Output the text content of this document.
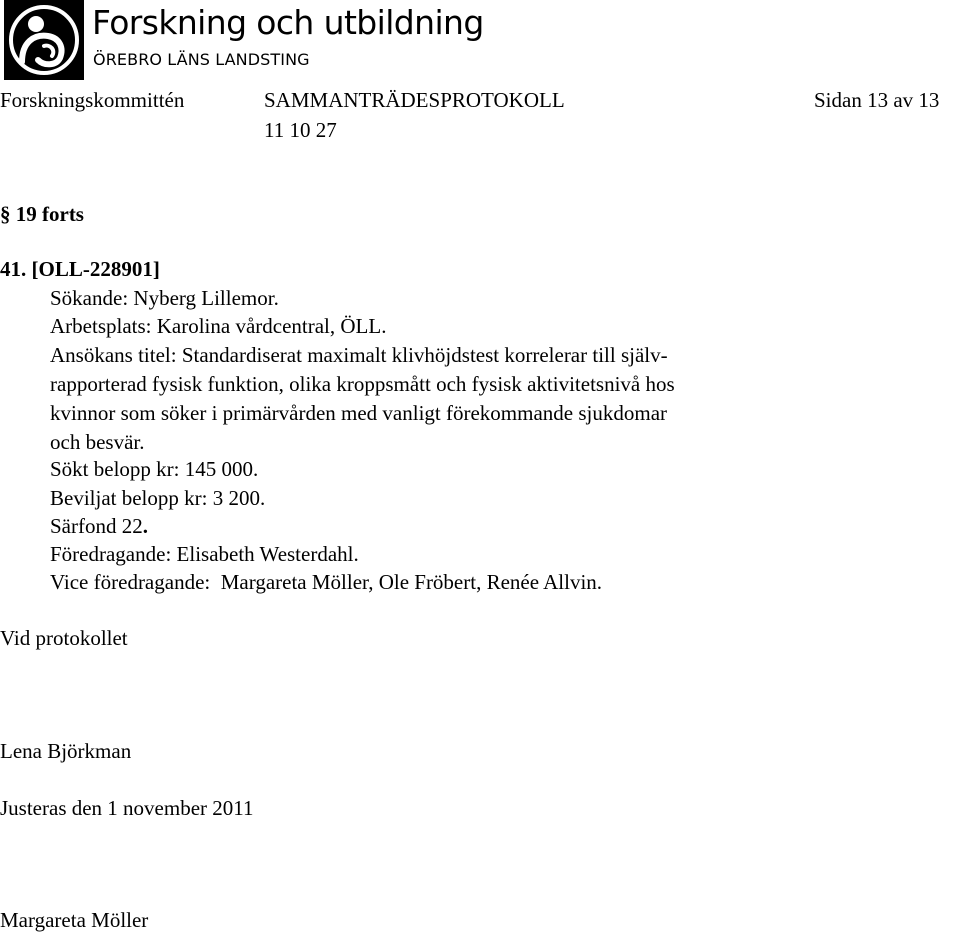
Forskning och utbildning
ÖREBRO LÄNS LANDSTING
Forskningskommittén	SAMMANTRÄDESPROTOKOLL	Sidan 13 av 13
11 10 27
§ 19 forts
41. [OLL-228901]
Sökande: Nyberg Lillemor.
Arbetsplats: Karolina vårdcentral, ÖLL.
Ansökans titel: Standardiserat maximalt klivhöjdstest korrelerar till själv-
rapporterad fysisk funktion, olika kroppsmått och fysisk aktivitetsnivå hos
kvinnor som söker i primärvården med vanligt förekommande sjukdomar
och besvär.
Sökt belopp kr: 145 000.
Beviljat belopp kr: 3 200.
Särfond 22.
Föredragande: Elisabeth Westerdahl.
Vice föredragande:  Margareta Möller, Ole Fröbert, Renée Allvin.
Vid protokollet
Lena Björkman
Justeras den 1 november 2011
Margareta Möller
